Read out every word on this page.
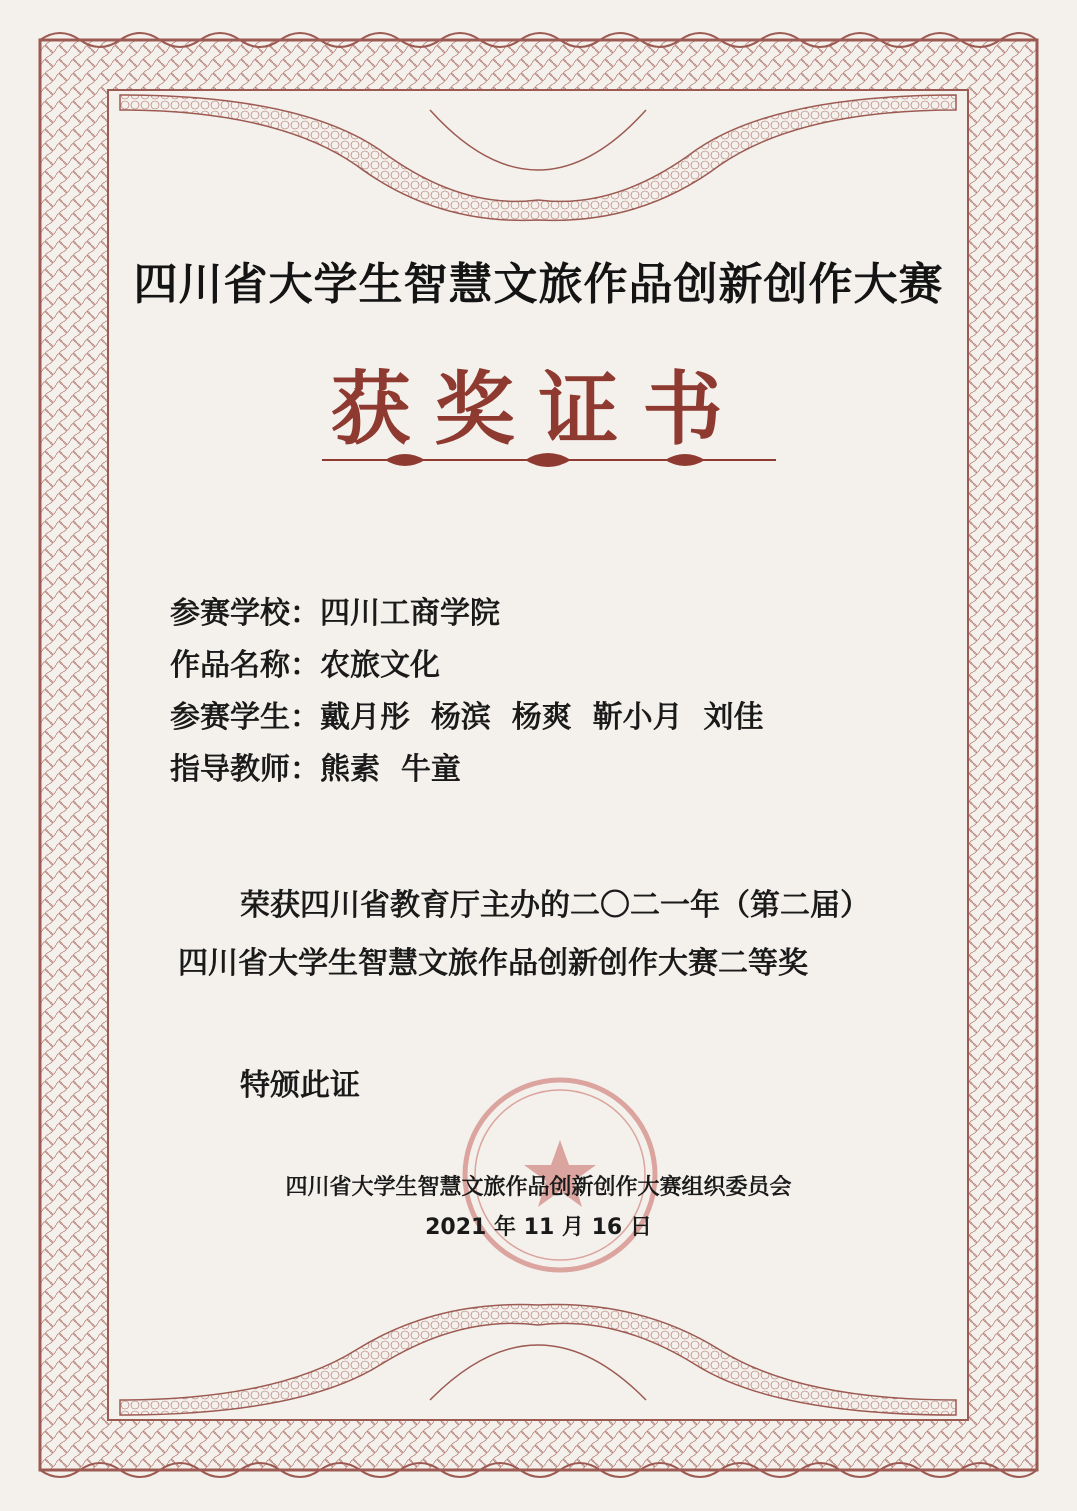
四川省大学生智慧文旅作品创新创作大赛
获奖证书
参赛学校：四川工商学院
作品名称：农旅文化
参赛学生：戴月彤  杨滨  杨爽  靳小月  刘佳
指导教师：熊素  牛童
荣获四川省教育厅主办的二〇二一年（第二届）
四川省大学生智慧文旅作品创新创作大赛二等奖
特颁此证
四川省大学生智慧文旅作品创新创作大赛组织委员会
2021 年 11 月 16 日
